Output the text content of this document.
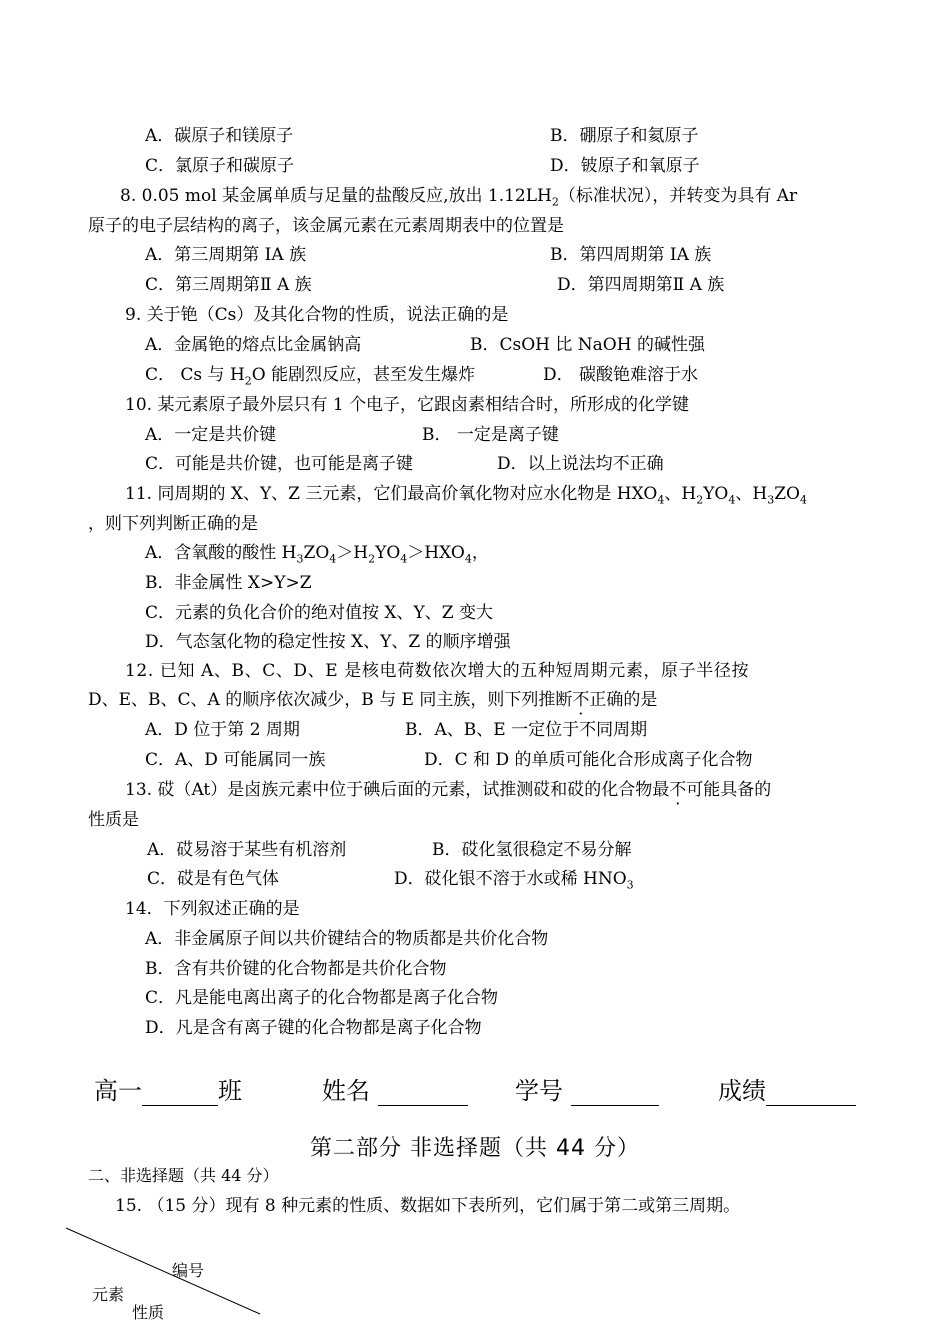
A．碳原子和镁原子	B．硼原子和氦原子
C．氯原子和碳原子	D．铍原子和氧原子
8. 0.05 mol 某金属单质与足量的盐酸反应,放出 $1.12LH_2$（标准状况），并转变为具有 Ar
原子的电子层结构的离子，该金属元素在元素周期表中的位置是
A．第三周期第 IA 族	B．第四周期第 IA 族
C．第三周期第Ⅱ A 族	D．第四周期第Ⅱ A 族
9. 关于铯（Cs）及其化合物的性质，说法正确的是
A．金属铯的熔点比金属钠高	B．CsOH 比 NaOH 的碱性强
C． Cs 与 $H_2O$ 能剧烈反应，甚至发生爆炸	D． 碳酸铯难溶于水
10. 某元素原子最外层只有 1 个电子，它跟卤素相结合时，所形成的化学键
A．一定是共价键	B． 一定是离子键
C．可能是共价键，也可能是离子键	D．以上说法均不正确
11. 同周期的 X、Y、Z 三元素，它们最高价氧化物对应水化物是 $HXO_4$、$H_2YO_4$、$H_3ZO_4$
，则下列判断正确的是
A．含氧酸的酸性 $H_3ZO_4>H_2YO_4>HXO_4$，
B．非金属性 X>Y>Z
C．元素的负化合价的绝对值按 X、Y、Z 变大
D．气态氢化物的稳定性按 X、Y、Z 的顺序增强
12. 已知 A、B、C、D、E 是核电荷数依次增大的五种短周期元素，原子半径按
D、E、B、C、A 的顺序依次减少，B 与 E 同主族，则下列推断不正确的是
A．D 位于第 2 周期	B．A、B、E 一定位于不同周期
C．A、D 可能属同一族	D．C 和 D 的单质可能化合形成离子化合物
13. 砹（At）是卤族元素中位于碘后面的元素，试推测砹和砹的化合物最不可能具备的
性质是
A．砹易溶于某些有机溶剂	B．砹化氢很稳定不易分解
C．砹是有色气体	D．砹化银不溶于水或稀 $HNO_3$
14．下列叙述正确的是
A．非金属原子间以共价键结合的物质都是共价化合物
B．含有共价键的化合物都是共价化合物
C．凡是能电离出离子的化合物都是离子化合物
D．凡是含有离子键的化合物都是离子化合物
高一	班	姓名	学号	成绩
第二部分 非选择题（共 44 分）
二、非选择题（共 44 分）
15. （15 分）现有 8 种元素的性质、数据如下表所列，它们属于第二或第三周期。
编号
元素
性质
